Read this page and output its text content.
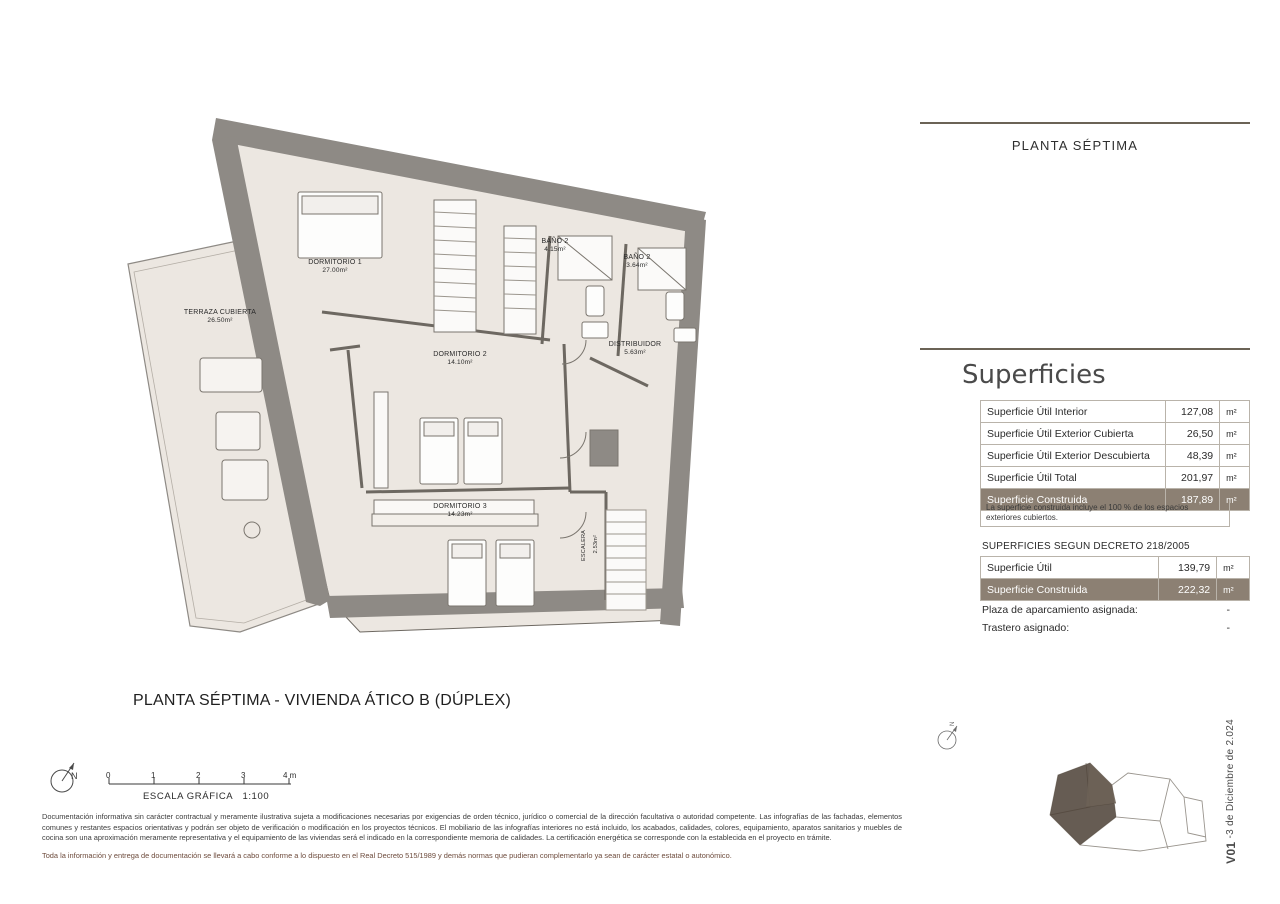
DORMITORIO 1
27.00m²
TERRAZA CUBIERTA
26.50m²
BAÑO 2
4.15m²
BAÑO 2
3.64m²
DISTRIBUIDOR
5.63m²
DORMITORIO 2
14.10m²
DORMITORIO 3
14.23m²
ESCALERA 2.53m²
PLANTA SÉPTIMA - VIVIENDA ÁTICO B (DÚPLEX)
N	0	1	2	3	4 m
ESCALA GRÁFICA 1:100

Documentación informativa sin carácter contractual y meramente ilustrativa sujeta a modificaciones necesarias por exigencias de orden técnico, jurídico o comercial de la dirección facultativa o autoridad competente. Las infografías de las fachadas, elementos comunes y restantes espacios orientativas y podrán ser objeto de verificación o modificación en los proyectos técnicos. El mobiliario de las infografías interiores no está incluido, los acabados, calidades, colores, equipamiento, aparatos sanitarios y muebles de cocina son una aproximación meramente representativa y el equipamiento de las viviendas será el indicado en la correspondiente memoria de calidades. La certificación energética se corresponde con la establecida en el proyecto en trámite.

Toda la información y entrega de documentación se llevará a cabo conforme a lo dispuesto en el Real Decreto 515/1989 y demás normas que pudieran complementarlo ya sean de carácter estatal o autonómico.

PLANTA SÉPTIMA
Superficies
Superficie Útil Interior	127,08	m²
Superficie Útil Exterior Cubierta	26,50	m²
Superficie Útil Exterior Descubierta	48,39	m²
Superficie Útil Total	201,97	m²
Superficie Construida	187,89	m²
La superficie construida incluye el 100 % de los espacios exteriores cubiertos.
SUPERFICIES SEGUN DECRETO 218/2005
Superficie Útil	139,79	m²
Superficie Construida	222,32	m²
Plaza de aparcamiento asignada:	-
Trastero asignado:	-
N
V01 -3 de Diciembre de 2.024
